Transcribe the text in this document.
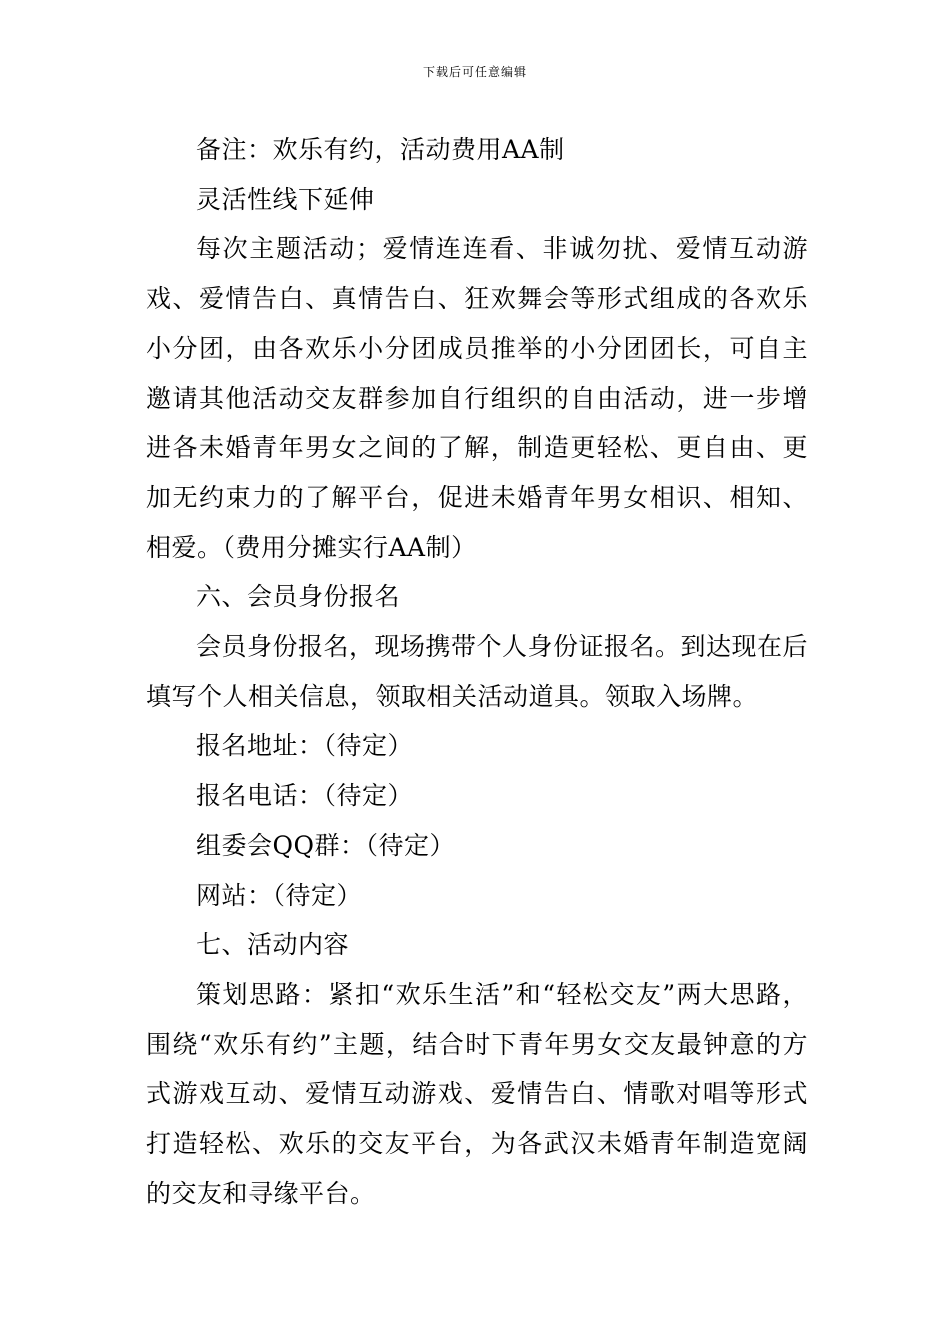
下载后可任意编辑

备注：欢乐有约，活动费用AA制

灵活性线下延伸

每次主题活动；爱情连连看、非诚勿扰、爱情互动游戏、爱情告白、真情告白、狂欢舞会等形式组成的各欢乐小分团，由各欢乐小分团成员推举的小分团团长，可自主邀请其他活动交友群参加自行组织的自由活动，进一步增进各未婚青年男女之间的了解，制造更轻松、更自由、更加无约束力的了解平台，促进未婚青年男女相识、相知、相爱。（费用分摊实行AA制）

六、会员身份报名

会员身份报名，现场携带个人身份证报名。到达现在后填写个人相关信息，领取相关活动道具。领取入场牌。

报名地址：（待定）

报名电话：（待定）

组委会QQ群：（待定）

网站：（待定）

七、活动内容

策划思路：紧扣“欢乐生活”和“轻松交友”两大思路，围绕“欢乐有约”主题，结合时下青年男女交友最钟意的方式游戏互动、爱情互动游戏、爱情告白、情歌对唱等形式打造轻松、欢乐的交友平台，为各武汉未婚青年制造宽阔的交友和寻缘平台。
